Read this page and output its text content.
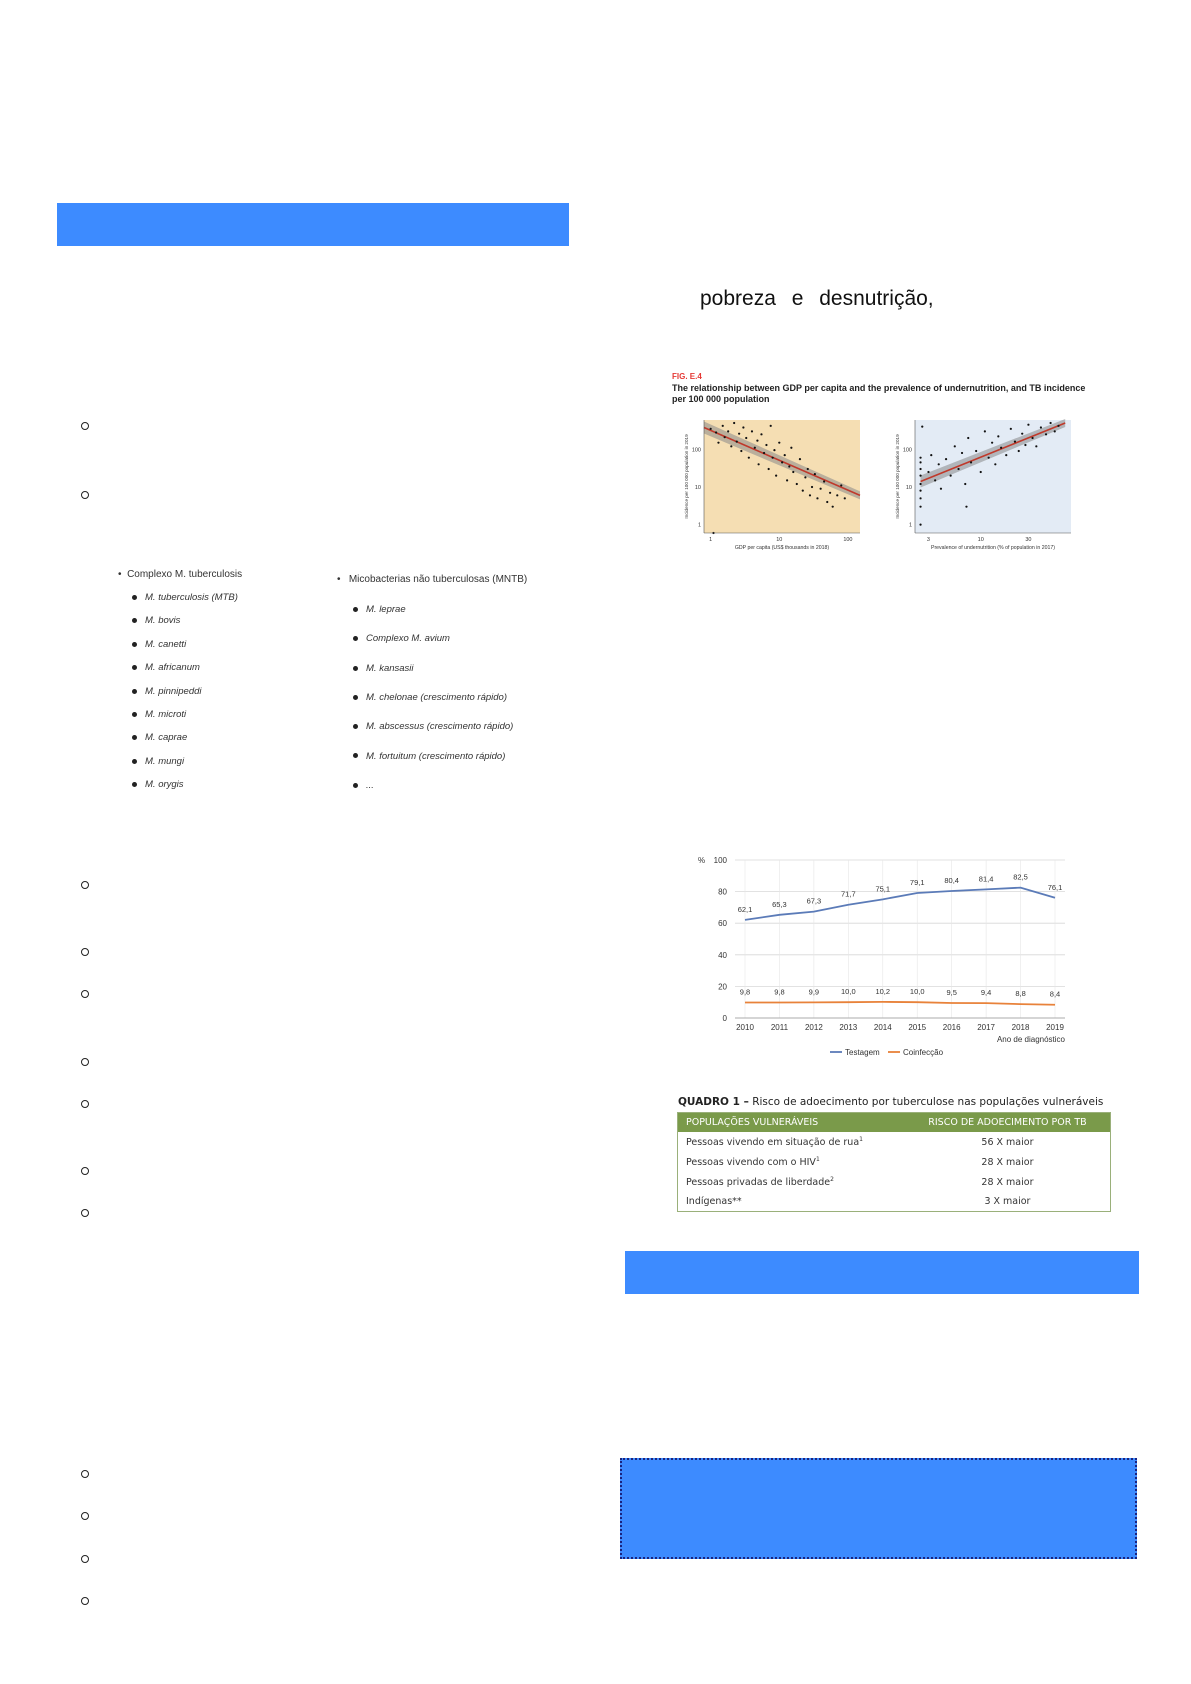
•  Complexo M. tuberculosis
M. tuberculosis (MTB)
M. bovis
M. canetti
M. africanum
M. pinnipeddi
M. microti
M. caprae
M. mungi
M. orygis
•   Micobacterias não tuberculosas (MNTB)
M. leprae
Complexo M. avium
M. kansasii
M. chelonae (crescimento rápido)
M. abscessus (crescimento rápido)
M. fortuitum (crescimento rápido)
...
pobreza e desnutrição,
FIG. E.4
The relationship between GDP per capita and the prevalence of undernutrition, and TB incidence per 100 000 population
1	10	100
100
10
1
GDP per capita (US$ thousands in 2018)
Incidence per 100 000 population in 2019
3	10	30
100
10
1
Prevalence of undernutrition (% of population in 2017)
Incidence per 100 000 population in 2019
0
20
40
60
80
100
2010 2011 2012 2013 2014 2015 2016 2017 2018 2019
%
Ano de diagnóstico
62,1
65,3	67,3
71,7
75,1
79,1	80,4	81,4	82,5
76,1
9,8	9,8	9,9	10,0	10,2	10,0	9,5	9,4	8,8	8,4
Testagem	Coinfecção
QUADRO 1 – Risco de adoecimento por tuberculose nas populações vulneráveis
POPULAÇÕES VULNERÁVEIS	RISCO DE ADOECIMENTO POR TB
Pessoas vivendo em situação de rua$^1$	56 X maior
Pessoas vivendo com o HIV$^1$	28 X maior
Pessoas privadas de liberdade$^2$	28 X maior
Indígenas**	3 X maior
